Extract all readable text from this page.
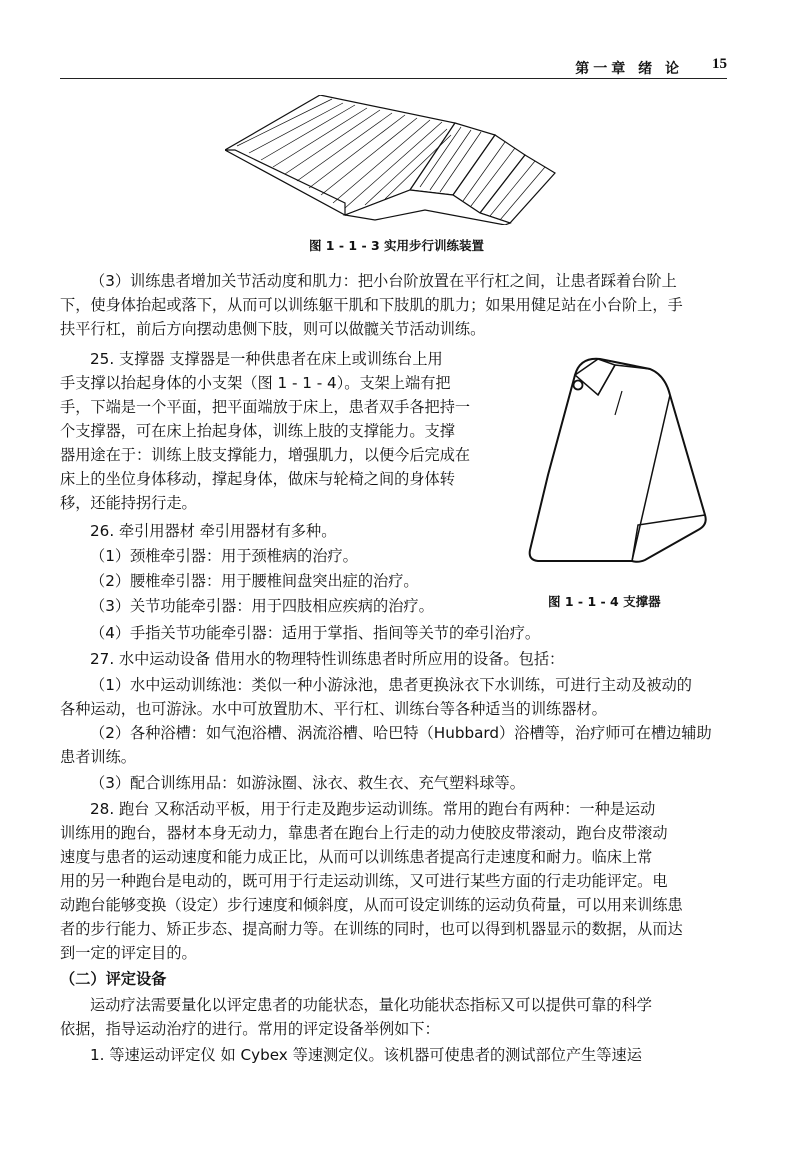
第一章 绪 论 15
图 1 - 1 - 3 实用步行训练装置
（3）训练患者增加关节活动度和肌力：把小台阶放置在平行杠之间，让患者踩着台阶上
下，使身体抬起或落下，从而可以训练躯干肌和下肢肌的肌力；如果用健足站在小台阶上，手
扶平行杠，前后方向摆动患侧下肢，则可以做髋关节活动训练。
25. 支撑器 支撑器是一种供患者在床上或训练台上用
手支撑以抬起身体的小支架（图 1 - 1 - 4）。支架上端有把
手，下端是一个平面，把平面端放于床上，患者双手各把持一
个支撑器，可在床上抬起身体，训练上肢的支撑能力。支撑
器用途在于：训练上肢支撑能力，增强肌力，以便今后完成在
床上的坐位身体移动，撑起身体，做床与轮椅之间的身体转
移，还能持拐行走。
26. 牵引用器材 牵引用器材有多种。
（1）颈椎牵引器：用于颈椎病的治疗。
（2）腰椎牵引器：用于腰椎间盘突出症的治疗。
（3）关节功能牵引器：用于四肢相应疾病的治疗。	图 1 - 1 - 4 支撑器
（4）手指关节功能牵引器：适用于掌指、指间等关节的牵引治疗。
27. 水中运动设备 借用水的物理特性训练患者时所应用的设备。包括：
（1）水中运动训练池：类似一种小游泳池，患者更换泳衣下水训练，可进行主动及被动的
各种运动，也可游泳。水中可放置肋木、平行杠、训练台等各种适当的训练器材。
（2）各种浴槽：如气泡浴槽、涡流浴槽、哈巴特（Hubbard）浴槽等，治疗师可在槽边辅助
患者训练。
（3）配合训练用品：如游泳圈、泳衣、救生衣、充气塑料球等。
28. 跑台 又称活动平板，用于行走及跑步运动训练。常用的跑台有两种：一种是运动
训练用的跑台，器材本身无动力，靠患者在跑台上行走的动力使胶皮带滚动，跑台皮带滚动
速度与患者的运动速度和能力成正比，从而可以训练患者提高行走速度和耐力。临床上常
用的另一种跑台是电动的，既可用于行走运动训练，又可进行某些方面的行走功能评定。电
动跑台能够变换（设定）步行速度和倾斜度，从而可设定训练的运动负荷量，可以用来训练患
者的步行能力、矫正步态、提高耐力等。在训练的同时，也可以得到机器显示的数据，从而达
到一定的评定目的。
（二）评定设备
运动疗法需要量化以评定患者的功能状态，量化功能状态指标又可以提供可靠的科学
依据，指导运动治疗的进行。常用的评定设备举例如下：
1. 等速运动评定仪 如 Cybex 等速测定仪。该机器可使患者的测试部位产生等速运
